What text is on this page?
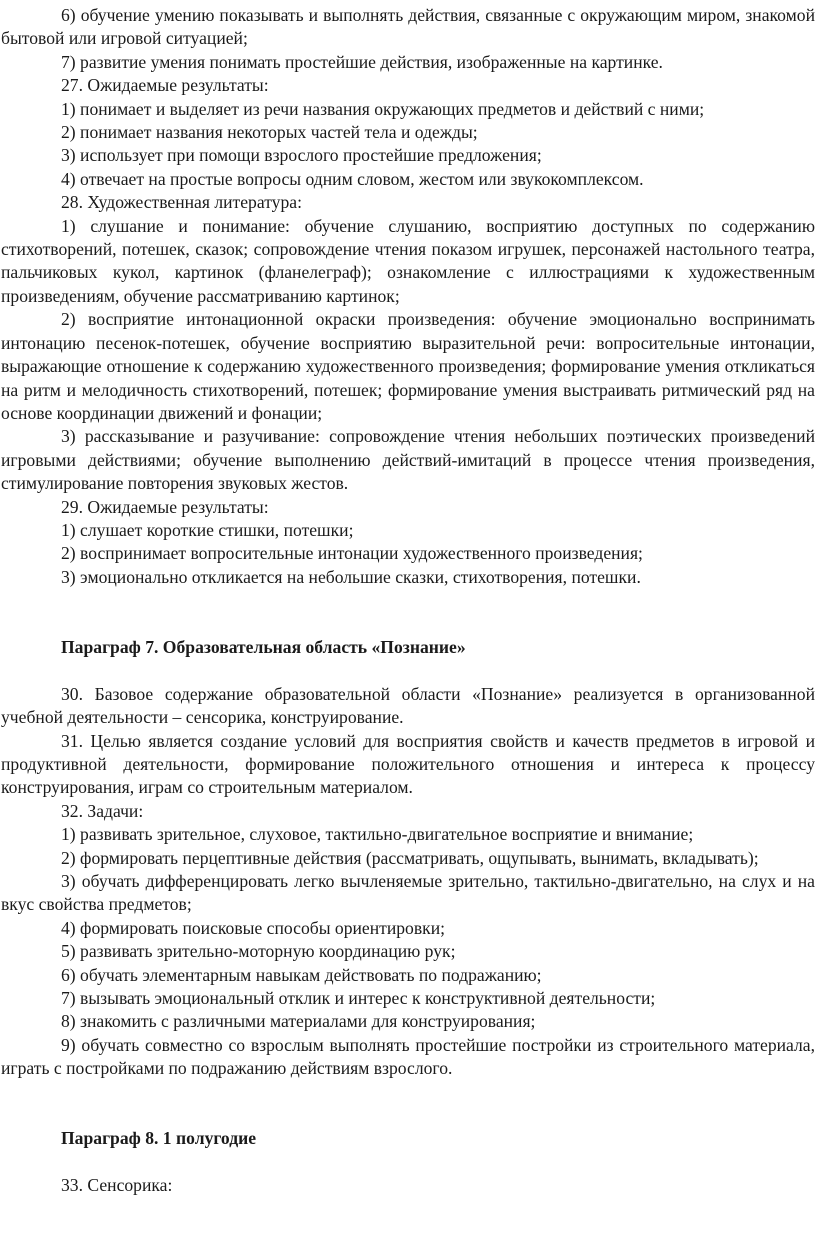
6) обучение умению показывать и выполнять действия, связанные с окружающим миром, знакомой бытовой или игровой ситуацией;

7) развитие умения понимать простейшие действия, изображенные на картинке.

27. Ожидаемые результаты:

1) понимает и выделяет из речи названия окружающих предметов и действий с ними;

2) понимает названия некоторых частей тела и одежды;

3) использует при помощи взрослого простейшие предложения;

4) отвечает на простые вопросы одним словом, жестом или звукокомплексом.

28. Художественная литература:

1) слушание и понимание: обучение слушанию, восприятию доступных по содержанию стихотворений, потешек, сказок; сопровождение чтения показом игрушек, персонажей настольного театра, пальчиковых кукол, картинок (фланелеграф); ознакомление с иллюстрациями к художественным произведениям, обучение рассматриванию картинок;

2) восприятие интонационной окраски произведения: обучение эмоционально воспринимать интонацию песенок-потешек, обучение восприятию выразительной речи: вопросительные интонации, выражающие отношение к содержанию художественного произведения; формирование умения откликаться на ритм и мелодичность стихотворений, потешек; формирование умения выстраивать ритмический ряд на основе координации движений и фонации;

3) рассказывание и разучивание: сопровождение чтения небольших поэтических произведений игровыми действиями; обучение выполнению действий-имитаций в процессе чтения произведения, стимулирование повторения звуковых жестов.

29. Ожидаемые результаты:

1) слушает короткие стишки, потешки;

2) воспринимает вопросительные интонации художественного произведения;

3) эмоционально откликается на небольшие сказки, стихотворения, потешки.

Параграф 7. Образовательная область «Познание»

30. Базовое содержание образовательной области «Познание» реализуется в организованной учебной деятельности – сенсорика, конструирование.

31. Целью является создание условий для восприятия свойств и качеств предметов в игровой и продуктивной деятельности, формирование положительного отношения и интереса к процессу конструирования, играм со строительным материалом.

32. Задачи:

1) развивать зрительное, слуховое, тактильно-двигательное восприятие и внимание;

2) формировать перцептивные действия (рассматривать, ощупывать, вынимать, вкладывать);

3) обучать дифференцировать легко вычленяемые зрительно, тактильно-двигательно, на слух и на вкус свойства предметов;

4) формировать поисковые способы ориентировки;

5) развивать зрительно-моторную координацию рук;

6) обучать элементарным навыкам действовать по подражанию;

7) вызывать эмоциональный отклик и интерес к конструктивной деятельности;

8) знакомить с различными материалами для конструирования;

9) обучать совместно со взрослым выполнять простейшие постройки из строительного материала, играть с постройками по подражанию действиям взрослого.

Параграф 8. 1 полугодие

33. Сенсорика:
